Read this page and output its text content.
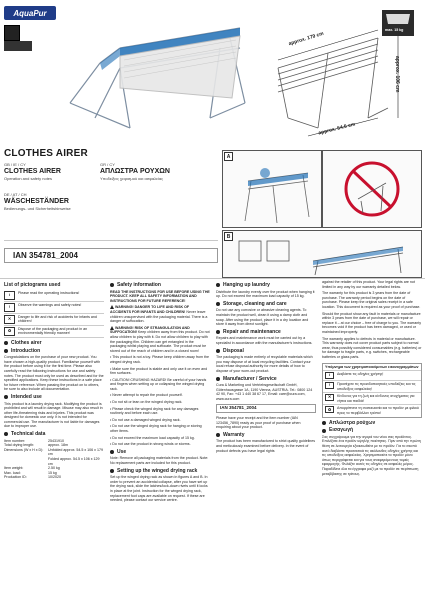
AquaPur
approx. 179 cm
approx. 106 cm
approx. 54.5 cm
max. 15 kg
CLOTHES AIRER
GB / IE / CY
CLOTHES AIRER
Operation and safety notes
GR / CY
ΑΠΛΩΣΤΡΑ ΡΟΥΧΩΝ
Υποδείξεις χειρισμού και ασφαλείας
DE / AT / CH
WÄSCHESTÄNDER
Bedienungs- und Sicherheitshinweise
IAN 354781_2004
A
B
List of pictograms used
i	Please read the operating instructions!
!	Observe the warnings and safety notes!
✕	Danger to life and risk of accidents for infants and children!
♻	Dispose of the packaging and product in an environmentally friendly manner!
Clothes airer
Introduction

Congratulations on the purchase of your new product. You have chosen a high-quality product. Familiarise yourself with the product before using it for the first time. Please also carefully read the following instructions for use and safety notes. The product must only be used as described and for the specified applications. Keep these instructions in a safe place for future reference. When passing the product on to others, be sure to also include all documentation.

Intended use

This product is a laundry drying rack. Modifying the product is prohibited and will result in damage. Misuse may also result in other life-threatening risks and injuries. This product was designed for domestic use only. It is not intended for commercial use. The manufacturer is not liable for damages due to improper use.

Technical data
Item number:	25431910
Total drying length:	approx. 18m
Dimensions (W x H x D):	Unfolded approx. 54.5 x 106 x 179 cm
Folded approx. 54.5 x 106 x 129 cm
Item weight:	2.50 kg
Max. load:	15 kg
Production ID:	10/2020
Safety information

READ THE INSTRUCTIONS FOR USE BEFORE USING THE PRODUCT. KEEP ALL SAFETY INFORMATION AND INSTRUCTIONS FOR FUTURE REFERENCE!

WARNING! DANGER TO LIFE AND RISK OF ACCIDENTS FOR INFANTS AND CHILDREN! Never leave children unsupervised with the packaging material. There is a danger of suffocation.

WARNING! RISK OF STRANGULATION AND SUFFOCATION! Keep children away from this product. Do not allow children to play with it. Do not allow children to play with the packaging film. Children can get entangled in the packaging whilst playing and suffocate. The product must be stored out of the reach of children and in a closed room!

• This product is not a toy. Please keep children away from the winged drying rack.

• Make sure the product is stable and only use it on even and firm surfaces.

• CAUTION! CRUSHING HAZARD! Be careful of your hands and fingers when setting up or collapsing the winged drying rack.

• Never attempt to repair the product yourself.

• Do not sit or lean on the winged drying rack.

• Please check the winged drying rack for any damages routinely and before each use.

• Do not use a damaged winged drying rack.

• Do not use the winged drying rack for hanging or storing other items.

• Do not exceed the maximum load capacity of 15 kg.

• Do not use the product in strong winds or storms.

Use

Note: Remove all packaging materials from the product. Note: No replacement parts are included for this product.

Setting up the winged drying rack

Set up the winged drying rack as shown in figures A and B. In order to prevent an accidental collapse, after you have set up the drying rack, slide the latches/lock-down rivets until it locks in place at the joint. Instruction for the winged drying rack, replacement foot caps are available on request. If these are needed, please contact our service centre.

Hanging up laundry

Distribute the laundry evenly over the product when hanging it up. Do not exceed the maximum load capacity of 15 kg.

Storage, cleaning and care

Do not use any corrosive or abrasive cleaning agents. To maintain the product well, clean it using a damp cloth and soap. After using the product, place it in a dry location and store it away from direct sunlight.

Repair and maintenance

Repairs and maintenance work must be carried out by a specialist in accordance with the manufacturer's instructions.

Disposal

The packaging is made entirely of recyclable materials which you may dispose of at local recycling facilities. Contact your local refuse disposal authority for more details of how to dispose of your worn-out product.

Manufacturer / Service

Cura & Marketing und Vertriebsgesellschaft GmbH, Gütenhausgasse 1A, 1190 Vienna, AUSTRIA. Tel.: 0800 124 42 90, Fax: +43 1 440 38 67 17, Email: care@cura.com, www.cura.com

IAN 354781_2004

Please have your receipt and the item number (IAN 123456_7890) ready as your proof of purchase when enquiring about your product.

Warranty

The product has been manufactured to strict quality guidelines and meticulously examined before delivery. In the event of product defects you have legal rights

against the retailer of this product. Your legal rights are not limited in any way by our warranty detailed below.

The warranty for this product is 3 years from the date of purchase. The warranty period begins on the date of purchase. Please keep the original sales receipt in a safe location. This document is required as your proof of purchase.

Should the product show any fault in materials or manufacture within 3 years from the date of purchase, we will repair or replace it – at our choice – free of charge to you. The warranty becomes void if the product has been damaged, or used or maintained improperly.

The warranty applies to defects in material or manufacture. This warranty does not cover product parts subject to normal wear, thus possibly considered consumables (e.g. batteries) or for damage to fragile parts, e.g. switches, rechargeable batteries or glass parts.

Υπόμνημα των χρησιμοποιούμενων εικονογραμμάτων
i	Διαβάστε τις οδηγίες χρήσης!
!	Προσέχετε τις προειδοποιητικές υποδείξεις και τις υποδείξεις ασφαλείας!
✕	Κίνδυνος για τη ζωή και κίνδυνος ατυχήματος για νήπια και παιδιά!
♻	Απορρίπτετε τη συσκευασία και το προϊόν με φιλικό προς το περιβάλλον τρόπο!
Απλώστρα ρούχων
Εισαγωγή

Σας συγχαίρουμε για την αγορά του νέου σας προϊόντος. Επιλέξατε ένα προϊόν υψηλής ποιότητας. Πριν από την πρώτη θέση σε λειτουργία εξοικειωθείτε με το προϊόν. Για το σκοπό αυτό διαβάστε προσεκτικά τις ακόλουθες οδηγίες χρήσης και τις υποδείξεις ασφαλείας. Χρησιμοποιείτε το προϊόν μόνο όπως περιγράφεται και για τους αναφερόμενους τομείς εφαρμογής. Φυλάξτε αυτές τις οδηγίες σε ασφαλές μέρος. Παραδίδετε όλα τα έγγραφα μαζί με το προϊόν σε περίπτωση μεταβίβασης σε τρίτους.
